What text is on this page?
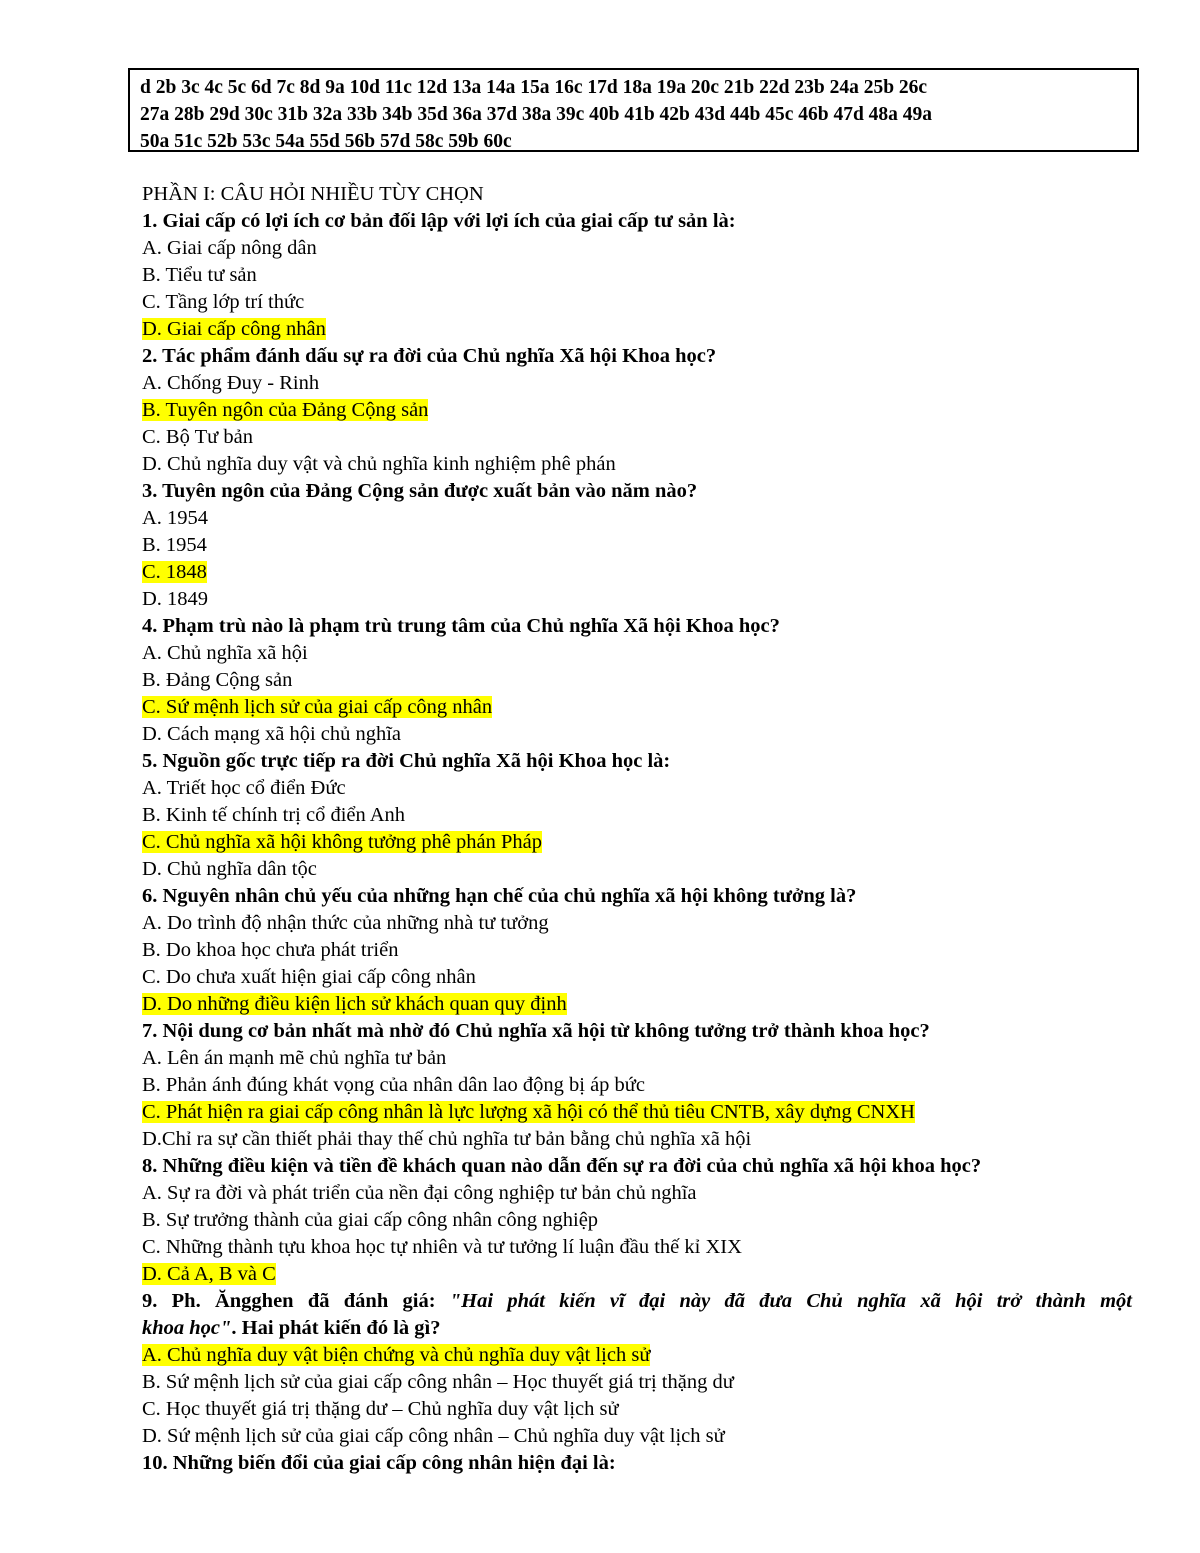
d 2b 3c 4c 5c 6d 7c 8d 9a 10d 11c 12d 13a 14a 15a 16c 17d 18a 19a 20c 21b 22d 23b 24a 25b 26c
27a 28b 29d 30c 31b 32a 33b 34b 35d 36a 37d 38a 39c 40b 41b 42b 43d 44b 45c 46b 47d 48a 49a
50a 51c 52b 53c 54a 55d 56b 57d 58c 59b 60c
PHẦN I: CÂU HỎI NHIỀU TÙY CHỌN
1. Giai cấp có lợi ích cơ bản đối lập với lợi ích của giai cấp tư sản là:
A. Giai cấp nông dân
B. Tiểu tư sản
C. Tầng lớp trí thức
D. Giai cấp công nhân
2. Tác phẩm đánh dấu sự ra đời của Chủ nghĩa Xã hội Khoa học?
A. Chống Đuy - Rinh
B. Tuyên ngôn của Đảng Cộng sản
C. Bộ Tư bản
D. Chủ nghĩa duy vật và chủ nghĩa kinh nghiệm phê phán
3. Tuyên ngôn của Đảng Cộng sản được xuất bản vào năm nào?
A. 1954
B. 1954
C. 1848
D. 1849
4. Phạm trù nào là phạm trù trung tâm của Chủ nghĩa Xã hội Khoa học?
A. Chủ nghĩa xã hội
B. Đảng Cộng sản
C. Sứ mệnh lịch sử của giai cấp công nhân
D. Cách mạng xã hội chủ nghĩa
5. Nguồn gốc trực tiếp ra đời Chủ nghĩa Xã hội Khoa học là:
A. Triết học cổ điển Đức
B. Kinh tế chính trị cổ điển Anh
C. Chủ nghĩa xã hội không tưởng phê phán Pháp
D. Chủ nghĩa dân tộc
6. Nguyên nhân chủ yếu của những hạn chế của chủ nghĩa xã hội không tưởng là?
A. Do trình độ nhận thức của những nhà tư tưởng
B. Do khoa học chưa phát triển
C. Do chưa xuất hiện giai cấp công nhân
D. Do những điều kiện lịch sử khách quan quy định
7. Nội dung cơ bản nhất mà nhờ đó Chủ nghĩa xã hội từ không tưởng trở thành khoa học?
A. Lên án mạnh mẽ chủ nghĩa tư bản
B. Phản ánh đúng khát vọng của nhân dân lao động bị áp bức
C. Phát hiện ra giai cấp công nhân là lực lượng xã hội có thể thủ tiêu CNTB, xây dựng CNXH
D.Chỉ ra sự cần thiết phải thay thế chủ nghĩa tư bản bằng chủ nghĩa xã hội
8. Những điều kiện và tiền đề khách quan nào dẫn đến sự ra đời của chủ nghĩa xã hội khoa học?
A. Sự ra đời và phát triển của nền đại công nghiệp tư bản chủ nghĩa
B. Sự trưởng thành của giai cấp công nhân công nghiệp
C. Những thành tựu khoa học tự nhiên và tư tưởng lí luận đầu thế kỉ XIX
D. Cả A, B và C
9. Ph. Ăngghen đã đánh giá: "Hai phát kiến vĩ đại này đã đưa Chủ nghĩa xã hội trở thành một
khoa học". Hai phát kiến đó là gì?
A. Chủ nghĩa duy vật biện chứng và chủ nghĩa duy vật lịch sử
B. Sứ mệnh lịch sử của giai cấp công nhân – Học thuyết giá trị thặng dư
C. Học thuyết giá trị thặng dư – Chủ nghĩa duy vật lịch sử
D. Sứ mệnh lịch sử của giai cấp công nhân – Chủ nghĩa duy vật lịch sử
10. Những biến đổi của giai cấp công nhân hiện đại là:
